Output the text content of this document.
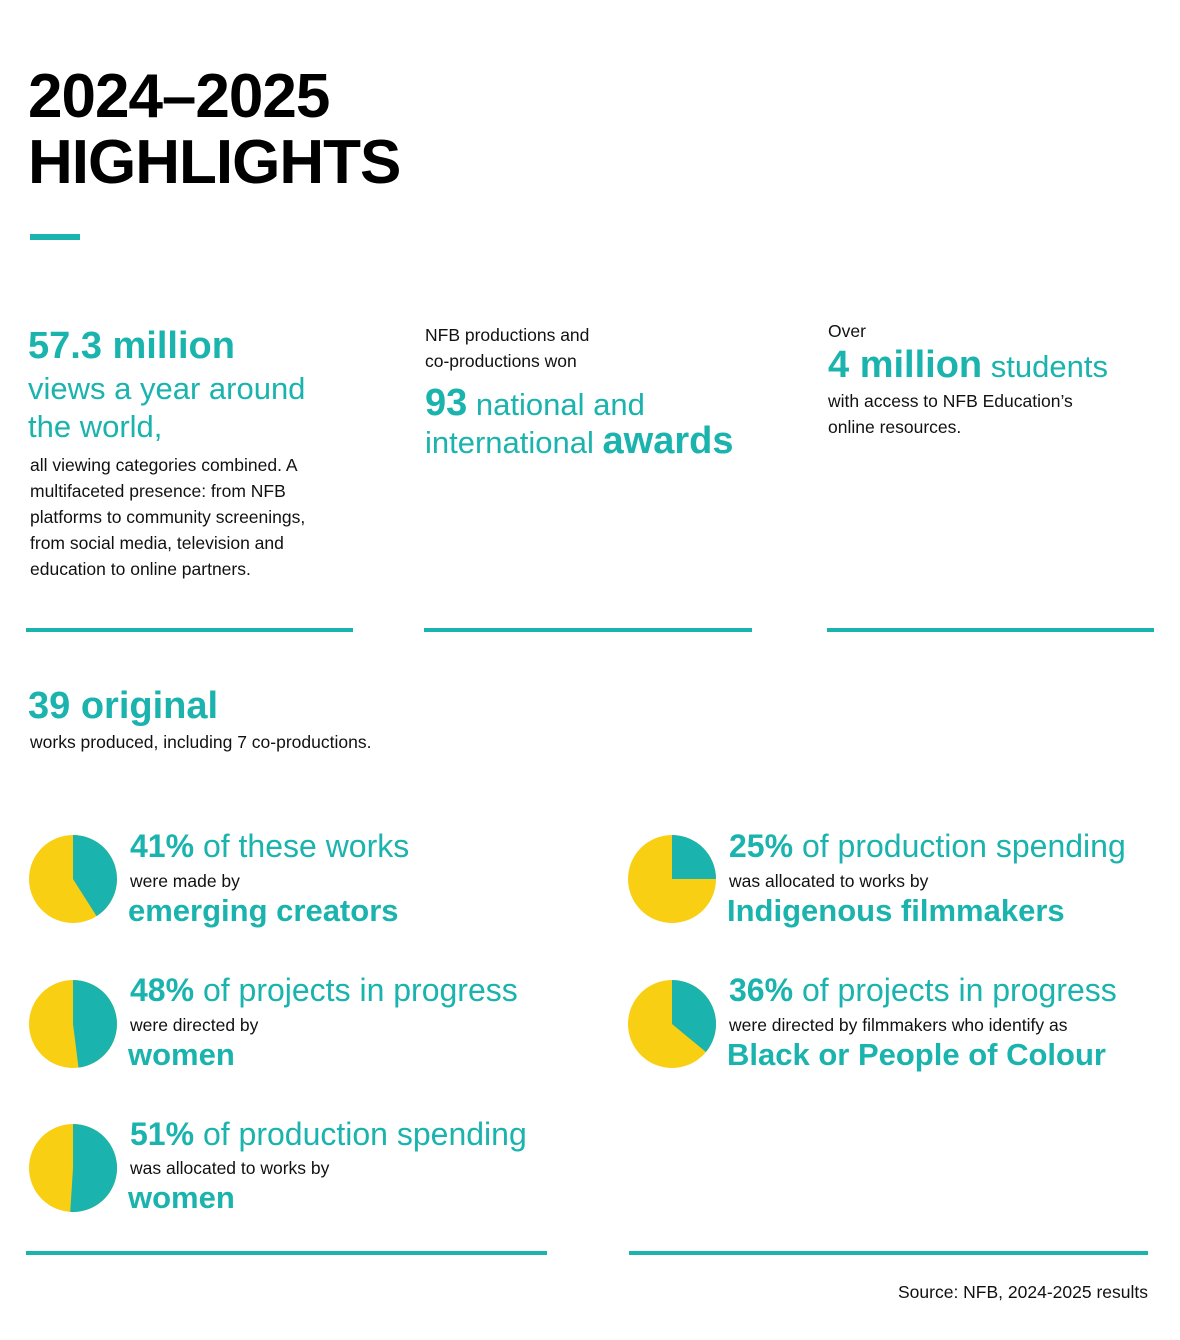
2024–2025
HIGHLIGHTS
57.3 million
views a year around
the world,
all viewing categories combined. A
multifaceted presence: from NFB
platforms to community screenings,
from social media, television and
education to online partners.
NFB productions and
co-productions won
93 national and
international awards
Over
4 million students
with access to NFB Education’s
online resources.
39 original
works produced, including 7 co-productions.
41% of these works
were made by
emerging creators
48% of projects in progress
were directed by
women
51% of production spending
was allocated to works by
women
25% of production spending
was allocated to works by
Indigenous filmmakers
36% of projects in progress
were directed by filmmakers who identify as
Black or People of Colour
Source: NFB, 2024-2025 results
